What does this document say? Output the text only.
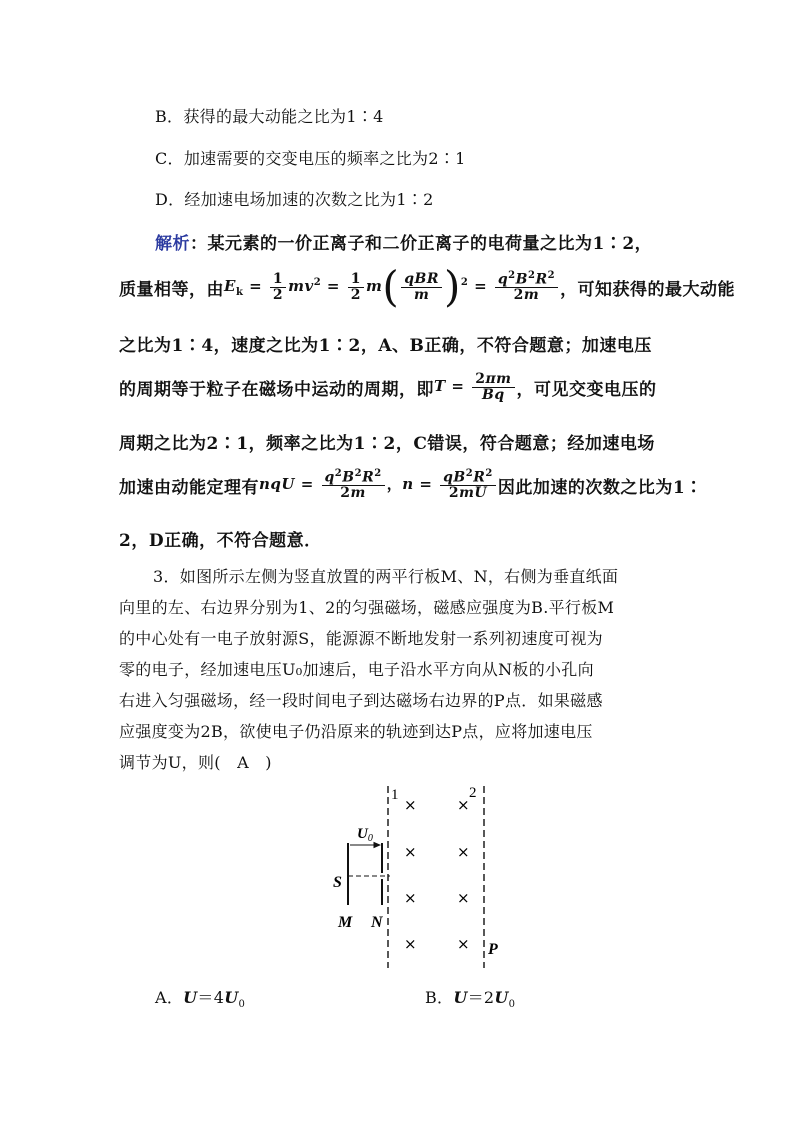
B．获得的最大动能之比为1∶4
C．加速需要的交变电压的频率之比为2∶1
D．经加速电场加速的次数之比为1∶2
解析：某元素的一价正离子和二价正离子的电荷量之比为1∶2，
质量相等，由 $E_k = \frac{1}{2} mv^2 = \frac{1}{2} m( \frac{\text{qBR}}{m} )^2 = \frac{q^2B^2R^2}{2m}$ ，可知获得的最大动能
之比为1∶4，速度之比为1∶2，A、B正确，不符合题意；加速电压
的周期等于粒子在磁场中运动的周期，即 $T = \frac{2\pi m}{Bq}$ ，可见交变电压的
周期之比为2∶1，频率之比为1∶2，C错误，符合题意；经加速电场
加速由动能定理有 nqU = $\frac{q^2B^2R^2}{2m}$ ，$n = \frac{qB^2R^2}{2mU}$ 因此加速的次数之比为1∶
2，D正确，不符合题意．
3．如图所示左侧为竖直放置的两平行板M、N，右侧为垂直纸面
向里的左、右边界分别为1、2的匀强磁场，磁感应强度为B.平行板M
的中心处有一电子放射源S，能源源不断地发射一系列初速度可视为
零的电子，经加速电压U₀加速后，电子沿水平方向从N板的小孔向
右进入匀强磁场，经一段时间电子到达磁场右边界的P点．如果磁感
应强度变为2B，欲使电子仍沿原来的轨迹到达P点，应将加速电压
调节为U，则(　A　)
1	2
×	×
×	×
×	×
×	×
$U_0$
S
M N
P
A．$U=4U_0$	B．$U=2U_0$
